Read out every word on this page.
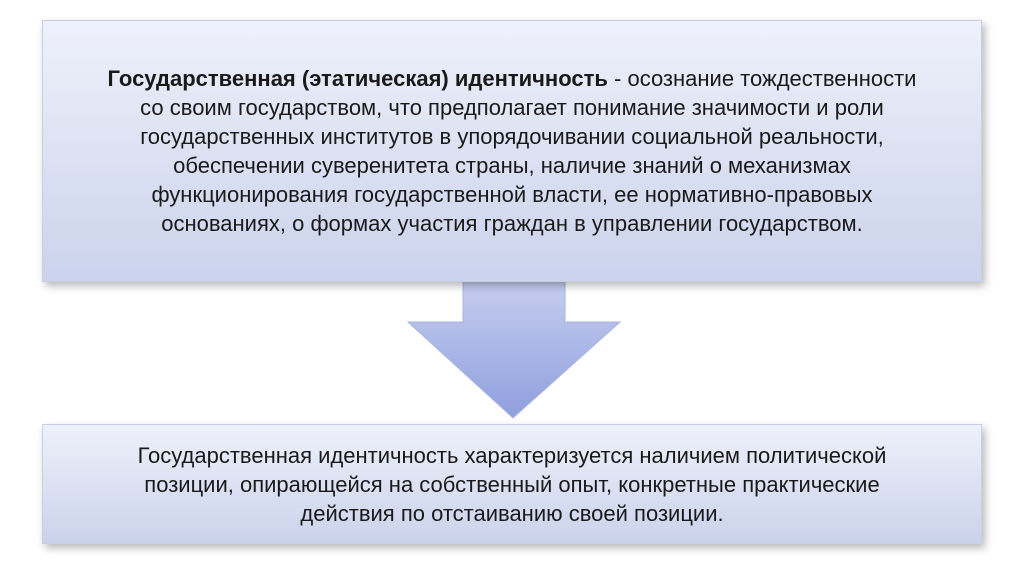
Государственная (этатическая) идентичность - осознание тождественности со своим государством, что предполагает понимание значимости и роли государственных институтов в упорядочивании социальной реальности, обеспечении суверенитета страны, наличие знаний о механизмах функционирования государственной власти, ее нормативно-правовых основаниях, о формах участия граждан в управлении государством.
Государственная идентичность характеризуется наличием политической позиции, опирающейся на собственный опыт, конкретные практические действия по отстаиванию своей позиции.
